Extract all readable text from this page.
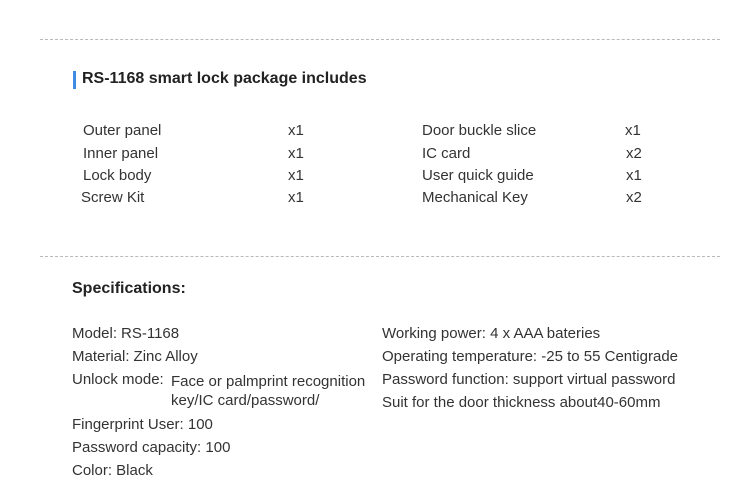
RS-1168 smart lock package includes
Outer panel	x1
Inner panel	x1
Lock body	x1
Screw Kit	x1
Door buckle slice	x1
IC card	x2
User quick guide	x1
Mechanical Key	x2
Specifications:
Model: RS-1168
Material: Zinc Alloy
Unlock mode: Face or palmprint recognition
key/IC card/password/
Fingerprint User: 100
Password capacity: 100
Color: Black
Working power: 4 x AAA bateries
Operating temperature: -25 to 55 Centigrade
Password function: support virtual password
Suit for the door thickness about40-60mm
